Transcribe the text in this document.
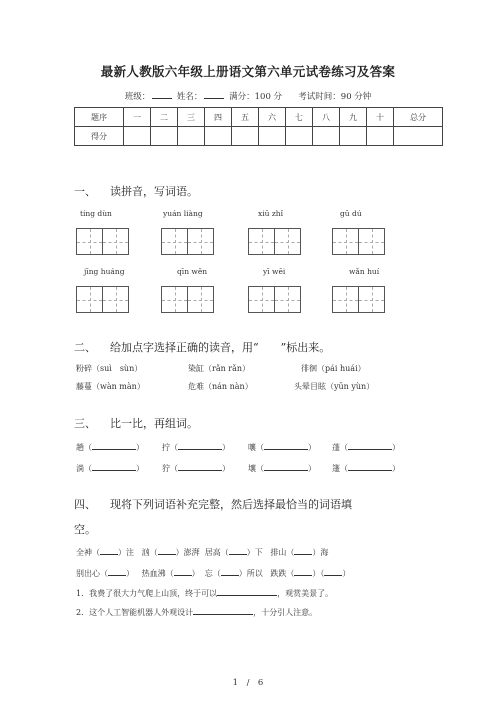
最新人教版六年级上册语文第六单元试卷练习及答案
班级：	姓名：	满分：100 分 考试时间：90 分钟
题序	一	二	三	四	五	六	七	八	九	十	总分
得分											
一、 读拼音，写词语。
tíng dùn	yuán liàng	xiū zhǐ	gū dú
jīng huáng	qīn wěn	yī wēi	wǎn huí
二、 给加点字选择正确的读音，用“　　”标出来。
粉碎（suì　sùn）	染缸（rǎn rǎn）	徘徊（pái huái）
藤蔓（wàn màn）	危难（nán nàn）	头晕目眩（yūn yùn）
三、 比一比，再组词。
趟（	） 拧（	） 嚷（	） 蓬（	）
淌（	） 狞（	） 壤（	） 篷（	）
四、 现将下列词语补充完整，然后选择最恰当的词语填
空。
全神（ ）注 汹（ ）澎湃 居高（ ）下 排山（ ）海
别出心（ ） 热血沸（ ） 忘（ ）所以 跌跌（ ）（ ）
1．我费了很大力气爬上山顶，终于可以	，观赏美景了。
2．这个人工智能机器人外观设计	，十分引人注意。
1　/　6
